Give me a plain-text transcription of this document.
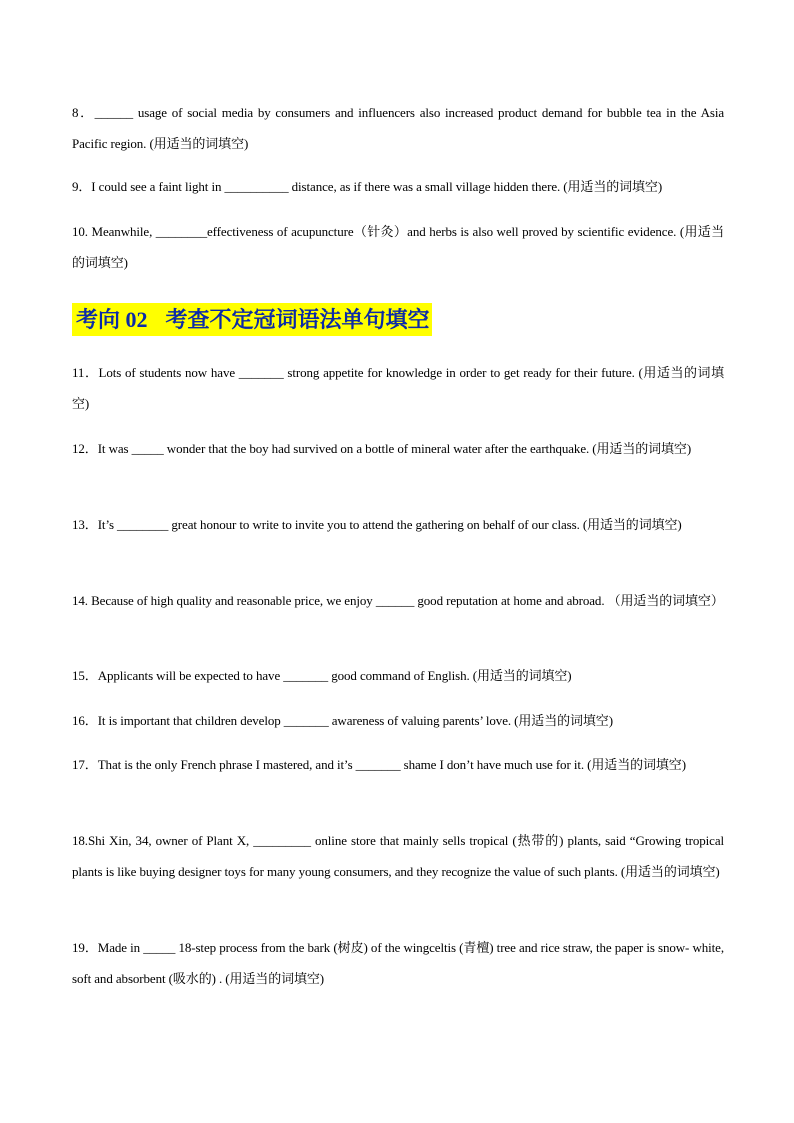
8．______ usage of social media by consumers and influencers also increased product demand for bubble tea in the Asia Pacific region. (用适当的词填空)
9．I could see a faint light in __________ distance, as if there was a small village hidden there. (用适当的词填空)
10. Meanwhile, ________effectiveness of acupuncture（针灸）and herbs is also well proved by scientific evidence. (用适当的词填空)
考向 02 考查不定冠词语法单句填空
11．Lots of students now have _______ strong appetite for knowledge in order to get ready for their future. (用适当的词填空)
12．It was _____ wonder that the boy had survived on a bottle of mineral water after the earthquake. (用适当的词填空)
13．It’s ________ great honour to write to invite you to attend the gathering on behalf of our class. (用适当的词填空)
14. Because of high quality and reasonable price, we enjoy ______ good reputation at home and abroad. （用适当的词填空）
15．Applicants will be expected to have _______ good command of English. (用适当的词填空)
16．It is important that children develop _______ awareness of valuing parents’ love. (用适当的词填空)
17．That is the only French phrase I mastered, and it’s _______ shame I don’t have much use for it. (用适当的词填空)
18.Shi Xin, 34, owner of Plant X, _________ online store that mainly sells tropical (热带的) plants, said “Growing tropical plants is like buying designer toys for many young consumers, and they recognize the value of such plants. (用适当的词填空)
19．Made in _____ 18-step process from the bark (树皮) of the wingceltis (青檀) tree and rice straw, the paper is snow- white, soft and absorbent (吸水的) . (用适当的词填空)
